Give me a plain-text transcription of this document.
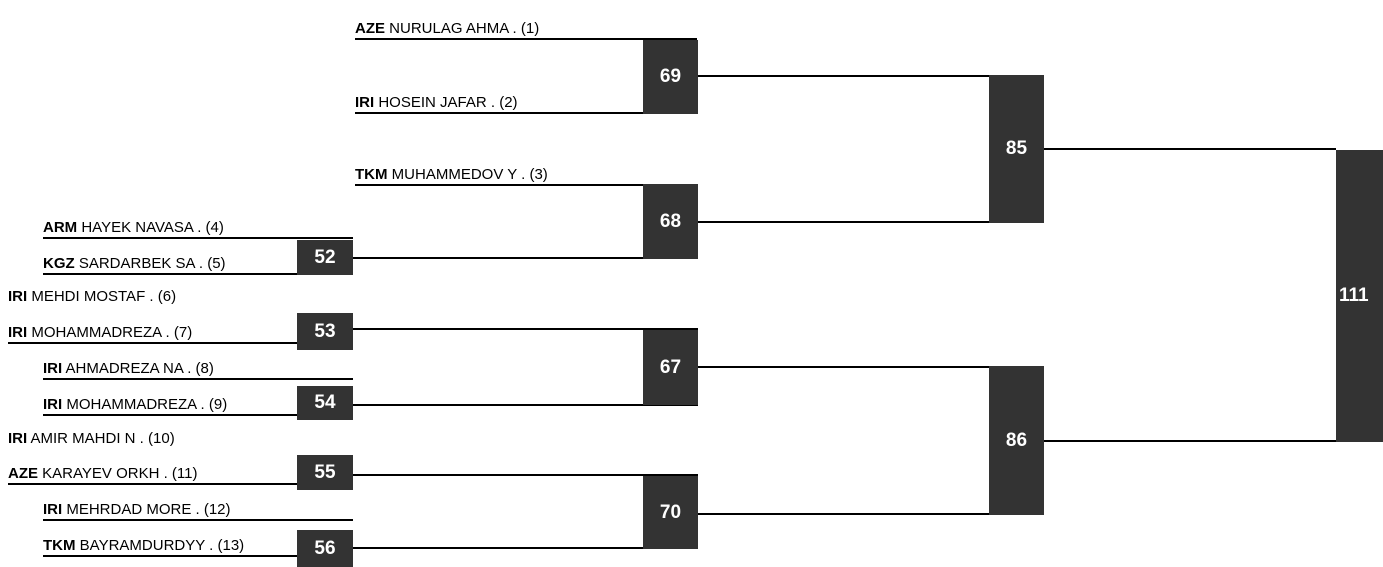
AZE NURULAG AHMA . (1)
IRI HOSEIN JAFAR . (2)
TKM MUHAMMEDOV Y . (3)
ARM HAYEK NAVASA . (4)
KGZ SARDARBEK SA . (5)
IRI MEHDI MOSTAF . (6)
IRI MOHAMMADREZA . (7)
IRI AHMADREZA NA . (8)
IRI MOHAMMADREZA . (9)
IRI AMIR MAHDI N . (10)
AZE KARAYEV ORKH . (11)
IRI MEHRDAD MORE . (12)
TKM BAYRAMDURDYY . (13)
52
53
54
55
56
69
68
67
70
85
86
111
